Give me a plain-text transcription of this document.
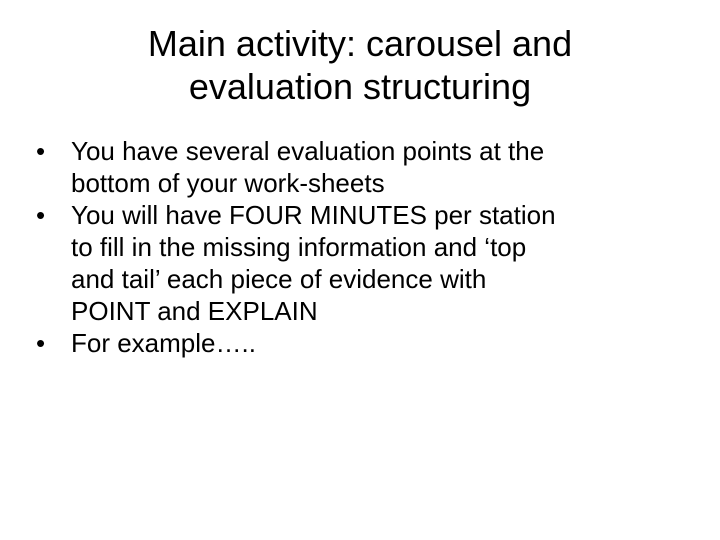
Main activity: carousel and
evaluation structuring
• You have several evaluation points at the
bottom of your work-sheets
• You will have FOUR MINUTES per station
to fill in the missing information and ‘top
and tail’ each piece of evidence with
POINT and EXPLAIN
• For example…..
